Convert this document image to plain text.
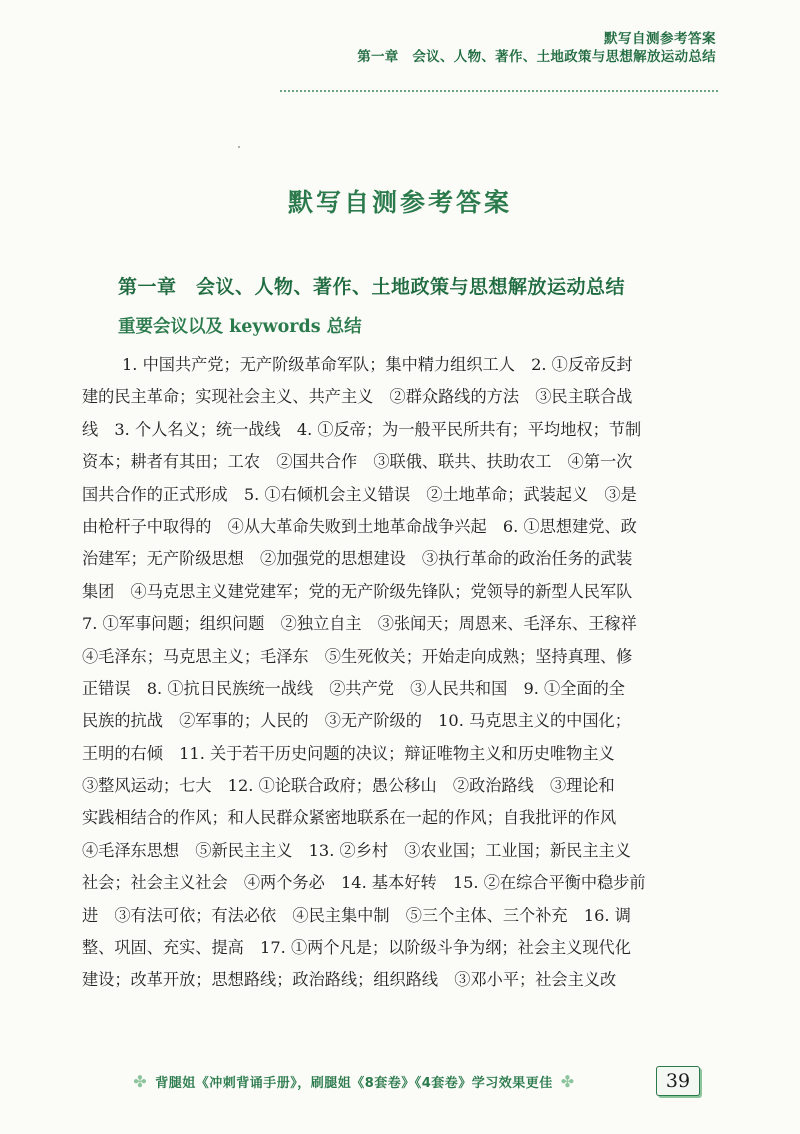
默写自测参考答案
第一章　会议、人物、著作、土地政策与思想解放运动总结
默写自测参考答案
第一章　会议、人物、著作、土地政策与思想解放运动总结
重要会议以及 keywords 总结
1. 中国共产党；无产阶级革命军队；集中精力组织工人　2. ①反帝反封
建的民主革命；实现社会主义、共产主义　②群众路线的方法　③民主联合战
线　3. 个人名义；统一战线　4. ①反帝；为一般平民所共有；平均地权；节制
资本；耕者有其田；工农　②国共合作　③联俄、联共、扶助农工　④第一次
国共合作的正式形成　5. ①右倾机会主义错误　②土地革命；武装起义　③是
由枪杆子中取得的　④从大革命失败到土地革命战争兴起　6. ①思想建党、政
治建军；无产阶级思想　②加强党的思想建设　③执行革命的政治任务的武装
集团　④马克思主义建党建军；党的无产阶级先锋队；党领导的新型人民军队
7. ①军事问题；组织问题　②独立自主　③张闻天；周恩来、毛泽东、王稼祥
④毛泽东；马克思主义；毛泽东　⑤生死攸关；开始走向成熟；坚持真理、修
正错误　8. ①抗日民族统一战线　②共产党　③人民共和国　9. ①全面的全
民族的抗战　②军事的；人民的　③无产阶级的　10. 马克思主义的中国化；
王明的右倾　11. 关于若干历史问题的决议；辩证唯物主义和历史唯物主义
③整风运动；七大　12. ①论联合政府；愚公移山　②政治路线　③理论和
实践相结合的作风；和人民群众紧密地联系在一起的作风；自我批评的作风
④毛泽东思想　⑤新民主主义　13. ②乡村　③农业国；工业国；新民主主义
社会；社会主义社会　④两个务必　14. 基本好转　15. ②在综合平衡中稳步前
进　③有法可依；有法必依　④民主集中制　⑤三个主体、三个补充　16. 调
整、巩固、充实、提高　17. ①两个凡是；以阶级斗争为纲；社会主义现代化
建设；改革开放；思想路线；政治路线；组织路线　③邓小平；社会主义改
✤ 背腿姐《冲刺背诵手册》，刷腿姐《8套卷》《4套卷》学习效果更佳 ✤	39
